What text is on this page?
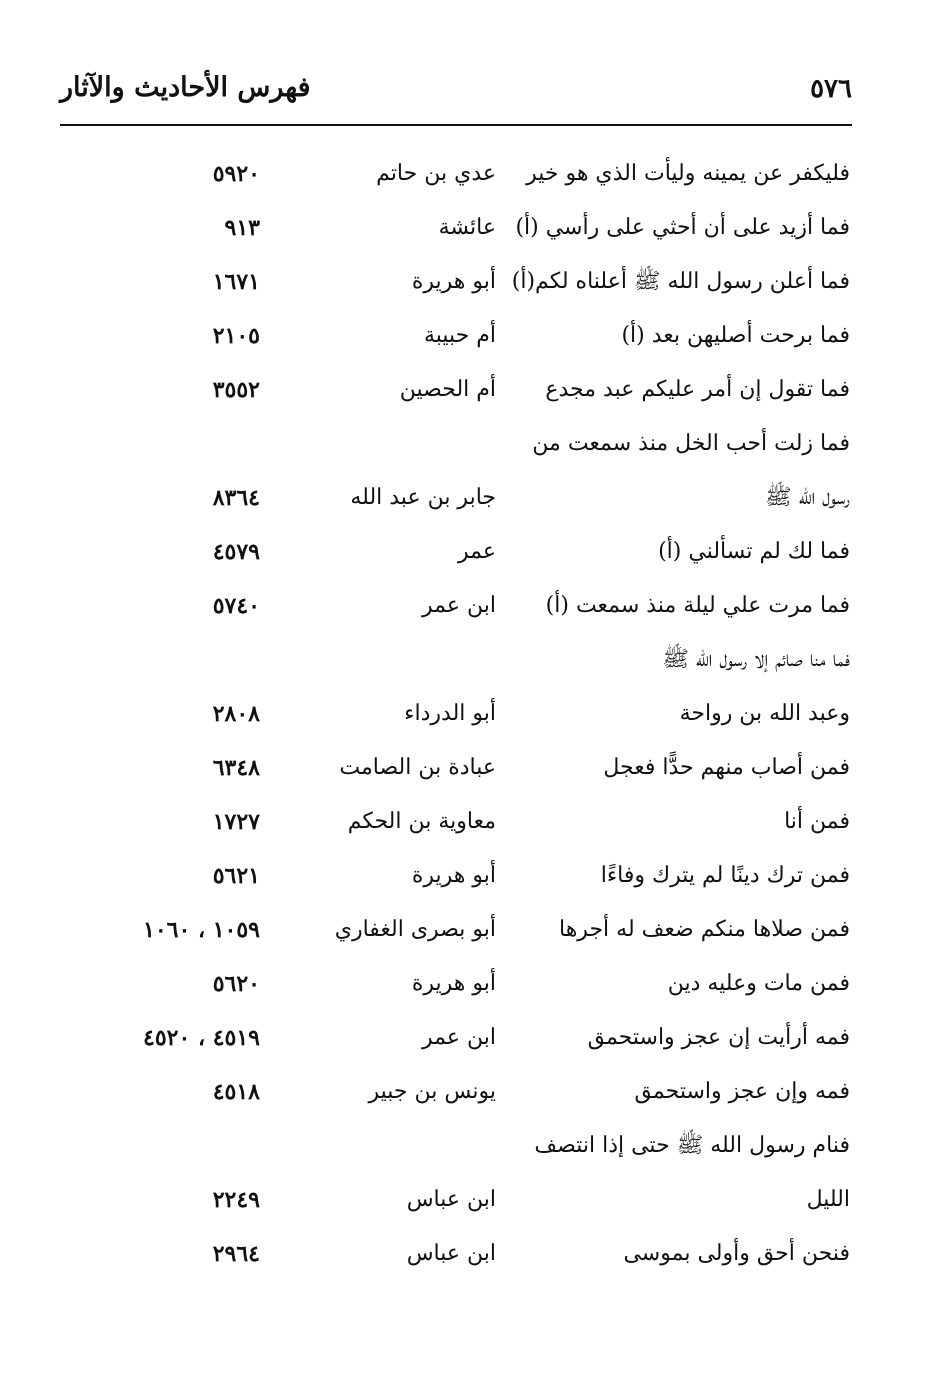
فهرس الأحاديث والآثار	٥٧٦
فليكفر عن يمينه وليأت الذي هو خير
عدي بن حاتم
٥٩٢٠
فما أزيد على أن أحثي على رأسي (أ)
عائشة
٩١٣
فما أعلن رسول الله ﷺ أعلناه لكم(أ)
أبو هريرة
١٦٧١
فما برحت أصليهن بعد (أ)
أم حبيبة
٢١٠٥
فما تقول إن أمر عليكم عبد مجدع
أم الحصين
٣٥٥٢
فما زلت أحب الخل منذ سمعت من
رسول الله ﷺ
جابر بن عبد الله
٨٣٦٤
فما لك لم تسألني (أ)
عمر
٤٥٧٩
فما مرت علي ليلة منذ سمعت (أ)
ابن عمر
٥٧٤٠
فما منا صائم إلا رسول الله ﷺ
وعبد الله بن رواحة
أبو الدرداء
٢٨٠٨
فمن أصاب منهم حدًّا فعجل
عبادة بن الصامت
٦٣٤٨
فمن أنا
معاوية بن الحكم
١٧٢٧
فمن ترك دينًا لم يترك وفاءًا
أبو هريرة
٥٦٢١
فمن صلاها منكم ضعف له أجرها
أبو بصرى الغفاري
١٠٥٩ ، ١٠٦٠
فمن مات وعليه دين
أبو هريرة
٥٦٢٠
فمه أرأيت إن عجز واستحمق
ابن عمر
٤٥١٩ ، ٤٥٢٠
فمه وإن عجز واستحمق
يونس بن جبير
٤٥١٨
فنام رسول الله ﷺ حتى إذا انتصف
الليل
ابن عباس
٢٢٤٩
فنحن أحق وأولى بموسى
ابن عباس
٢٩٦٤
